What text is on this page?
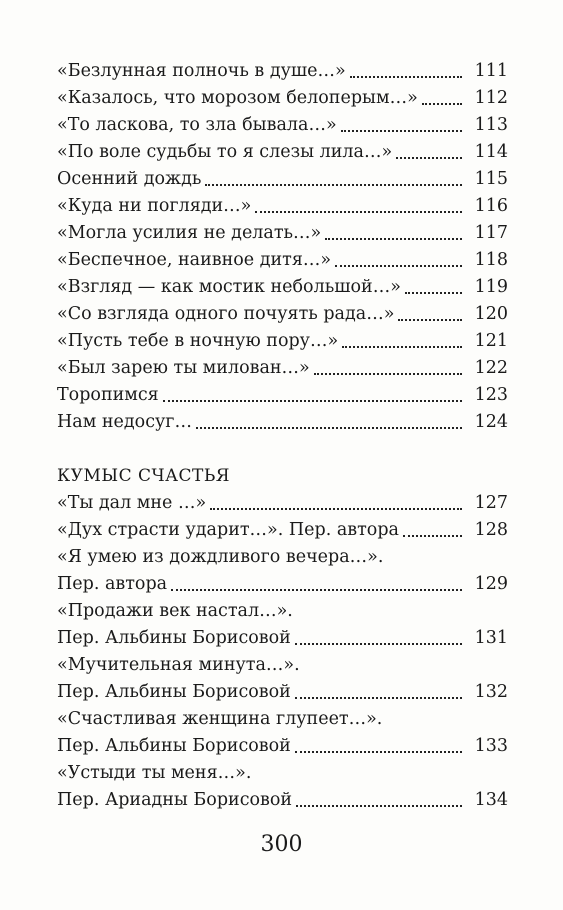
«Безлунная полночь в душе…»	111
«Казалось, что морозом белоперым…»	112
«То ласкова, то зла бывала…»	113
«По воле судьбы то я слезы лила…»	114
Осенний дождь	115
«Куда ни погляди…»	116
«Могла усилия не делать…»	117
«Беспечное, наивное дитя…»	118
«Взгляд — как мостик небольшой…»	119
«Со взгляда одного почуять рада…»	120
«Пусть тебе в ночную пору…»	121
«Был зарею ты милован…»	122
Торопимся	123
Нам недосуг…	124
КУМЫС СЧАСТЬЯ
«Ты дал мне …»	127
«Дух страсти ударит…». Пер. автора	128
«Я умею из дождливого вечера…».
Пер. автора	129
«Продажи век настал…».
Пер. Альбины Борисовой	131
«Мучительная минута…».
Пер. Альбины Борисовой	132
«Счастливая женщина глупеет…».
Пер. Альбины Борисовой	133
«Устыди ты меня…».
Пер. Ариадны Борисовой	134
300
